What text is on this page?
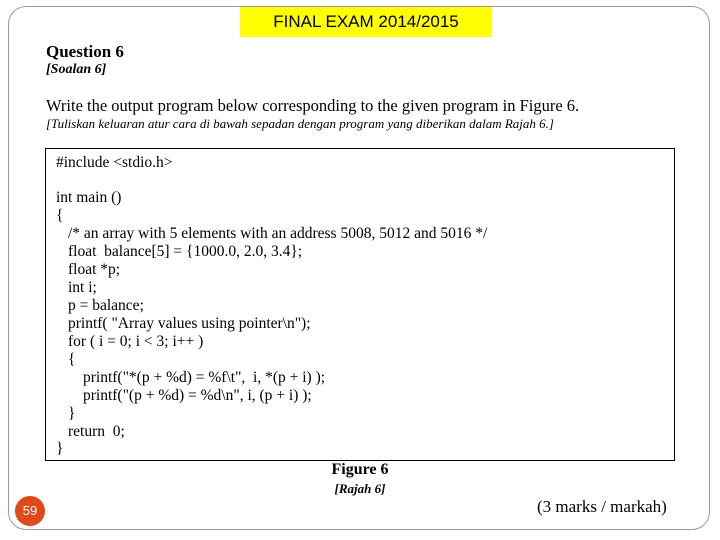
FINAL EXAM 2014/2015
Question 6
[Soalan 6]
Write the output program below corresponding to the given program in Figure 6.
[Tuliskan keluaran atur cara di bawah sepadan dengan program yang diberikan dalam Rajah 6.]
#include <stdio.h>
int main ()
{
/* an array with 5 elements with an address 5008, 5012 and 5016 */
float  balance[5] = {1000.0, 2.0, 3.4};
float *p;
int i;
p = balance;
printf( "Array values using pointer\n");
for ( i = 0; i < 3; i++ )
{
printf("*(p + %d) = %f\t",  i, *(p + i) );
printf("(p + %d) = %d\n", i, (p + i) );
}
return  0;
}
Figure 6
[Rajah 6]
(3 marks / markah)
59
